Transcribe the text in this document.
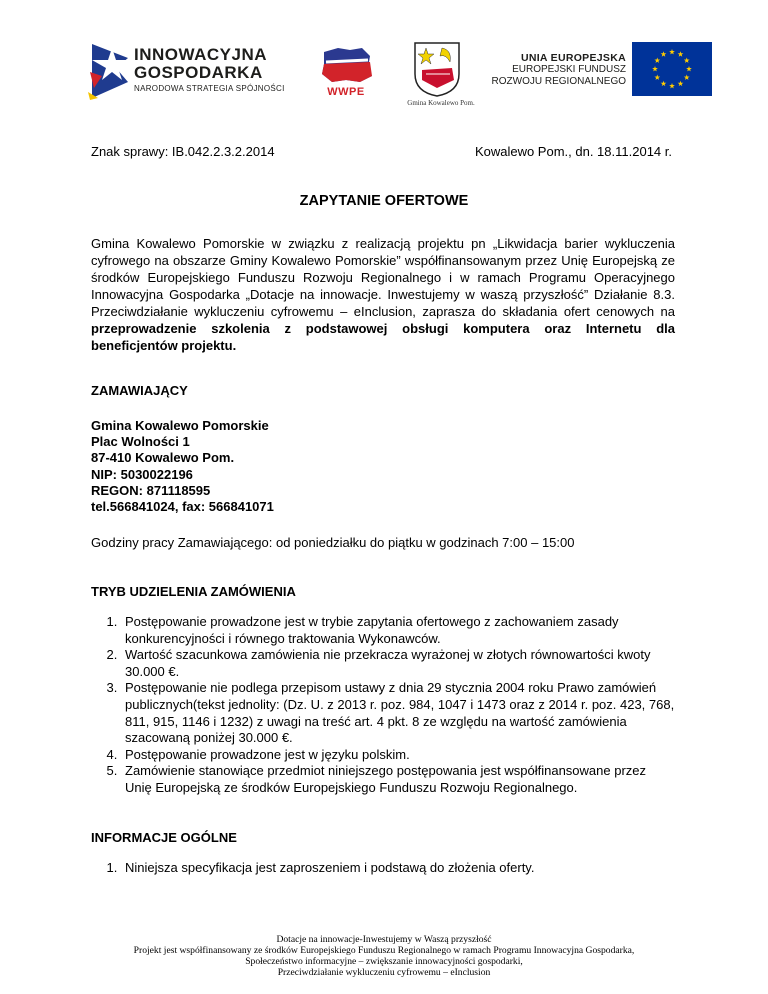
INNOWACYJNA
GOSPODARKA
NARODOWA STRATEGIA SPÓJNOŚCI	WWPE
Gmina Kowalewo Pom.
UNIA EUROPEJSKA
EUROPEJSKI FUNDUSZ
ROZWOJU REGIONALNEGO
Znak sprawy: IB.042.2.3.2.2014	Kowalewo Pom., dn. 18.11.2014 r.
ZAPYTANIE OFERTOWE
Gmina Kowalewo Pomorskie w związku z realizacją projektu pn „Likwidacja barier wykluczenia cyfrowego na obszarze Gminy Kowalewo Pomorskie” współfinansowanym przez Unię Europejską ze środków Europejskiego Funduszu Rozwoju Regionalnego i w ramach Programu Operacyjnego Innowacyjna Gospodarka „Dotacje na innowacje. Inwestujemy w waszą przyszłość” Działanie 8.3. Przeciwdziałanie wykluczeniu cyfrowemu – eInclusion, zaprasza do składania ofert cenowych na przeprowadzenie szkolenia z podstawowej obsługi komputera oraz Internetu dla beneficjentów projektu.
ZAMAWIAJĄCY
Gmina Kowalewo Pomorskie
Plac Wolności 1
87-410 Kowalewo Pom.
NIP: 5030022196
REGON: 871118595
tel.566841024, fax: 566841071
Godziny pracy Zamawiającego: od poniedziałku do piątku w godzinach 7:00 – 15:00
TRYB UDZIELENIA ZAMÓWIENIA
1. Postępowanie prowadzone jest w trybie zapytania ofertowego z zachowaniem zasady konkurencyjności i równego traktowania Wykonawców.
2. Wartość szacunkowa zamówienia nie przekracza wyrażonej w złotych równowartości kwoty 30.000 €.
3. Postępowanie nie podlega przepisom ustawy z dnia 29 stycznia 2004 roku Prawo zamówień publicznych(tekst jednolity: (Dz. U. z 2013 r. poz. 984, 1047 i 1473 oraz z 2014 r. poz. 423, 768, 811, 915, 1146 i 1232) z uwagi na treść art. 4 pkt. 8 ze względu na wartość zamówienia szacowaną poniżej 30.000 €.
4. Postępowanie prowadzone jest w języku polskim.
5. Zamówienie stanowiące przedmiot niniejszego postępowania jest współfinansowane przez Unię Europejską ze środków Europejskiego Funduszu Rozwoju Regionalnego.
INFORMACJE OGÓLNE
1. Niniejsza specyfikacja jest zaproszeniem i podstawą do złożenia oferty.
Dotacje na innowacje-Inwestujemy w Waszą przyszłość
Projekt jest współfinansowany ze środków Europejskiego Funduszu Regionalnego w ramach Programu Innowacyjna Gospodarka,
Społeczeństwo informacyjne – zwiększanie innowacyjności gospodarki,
Przeciwdziałanie wykluczeniu cyfrowemu – eInclusion
